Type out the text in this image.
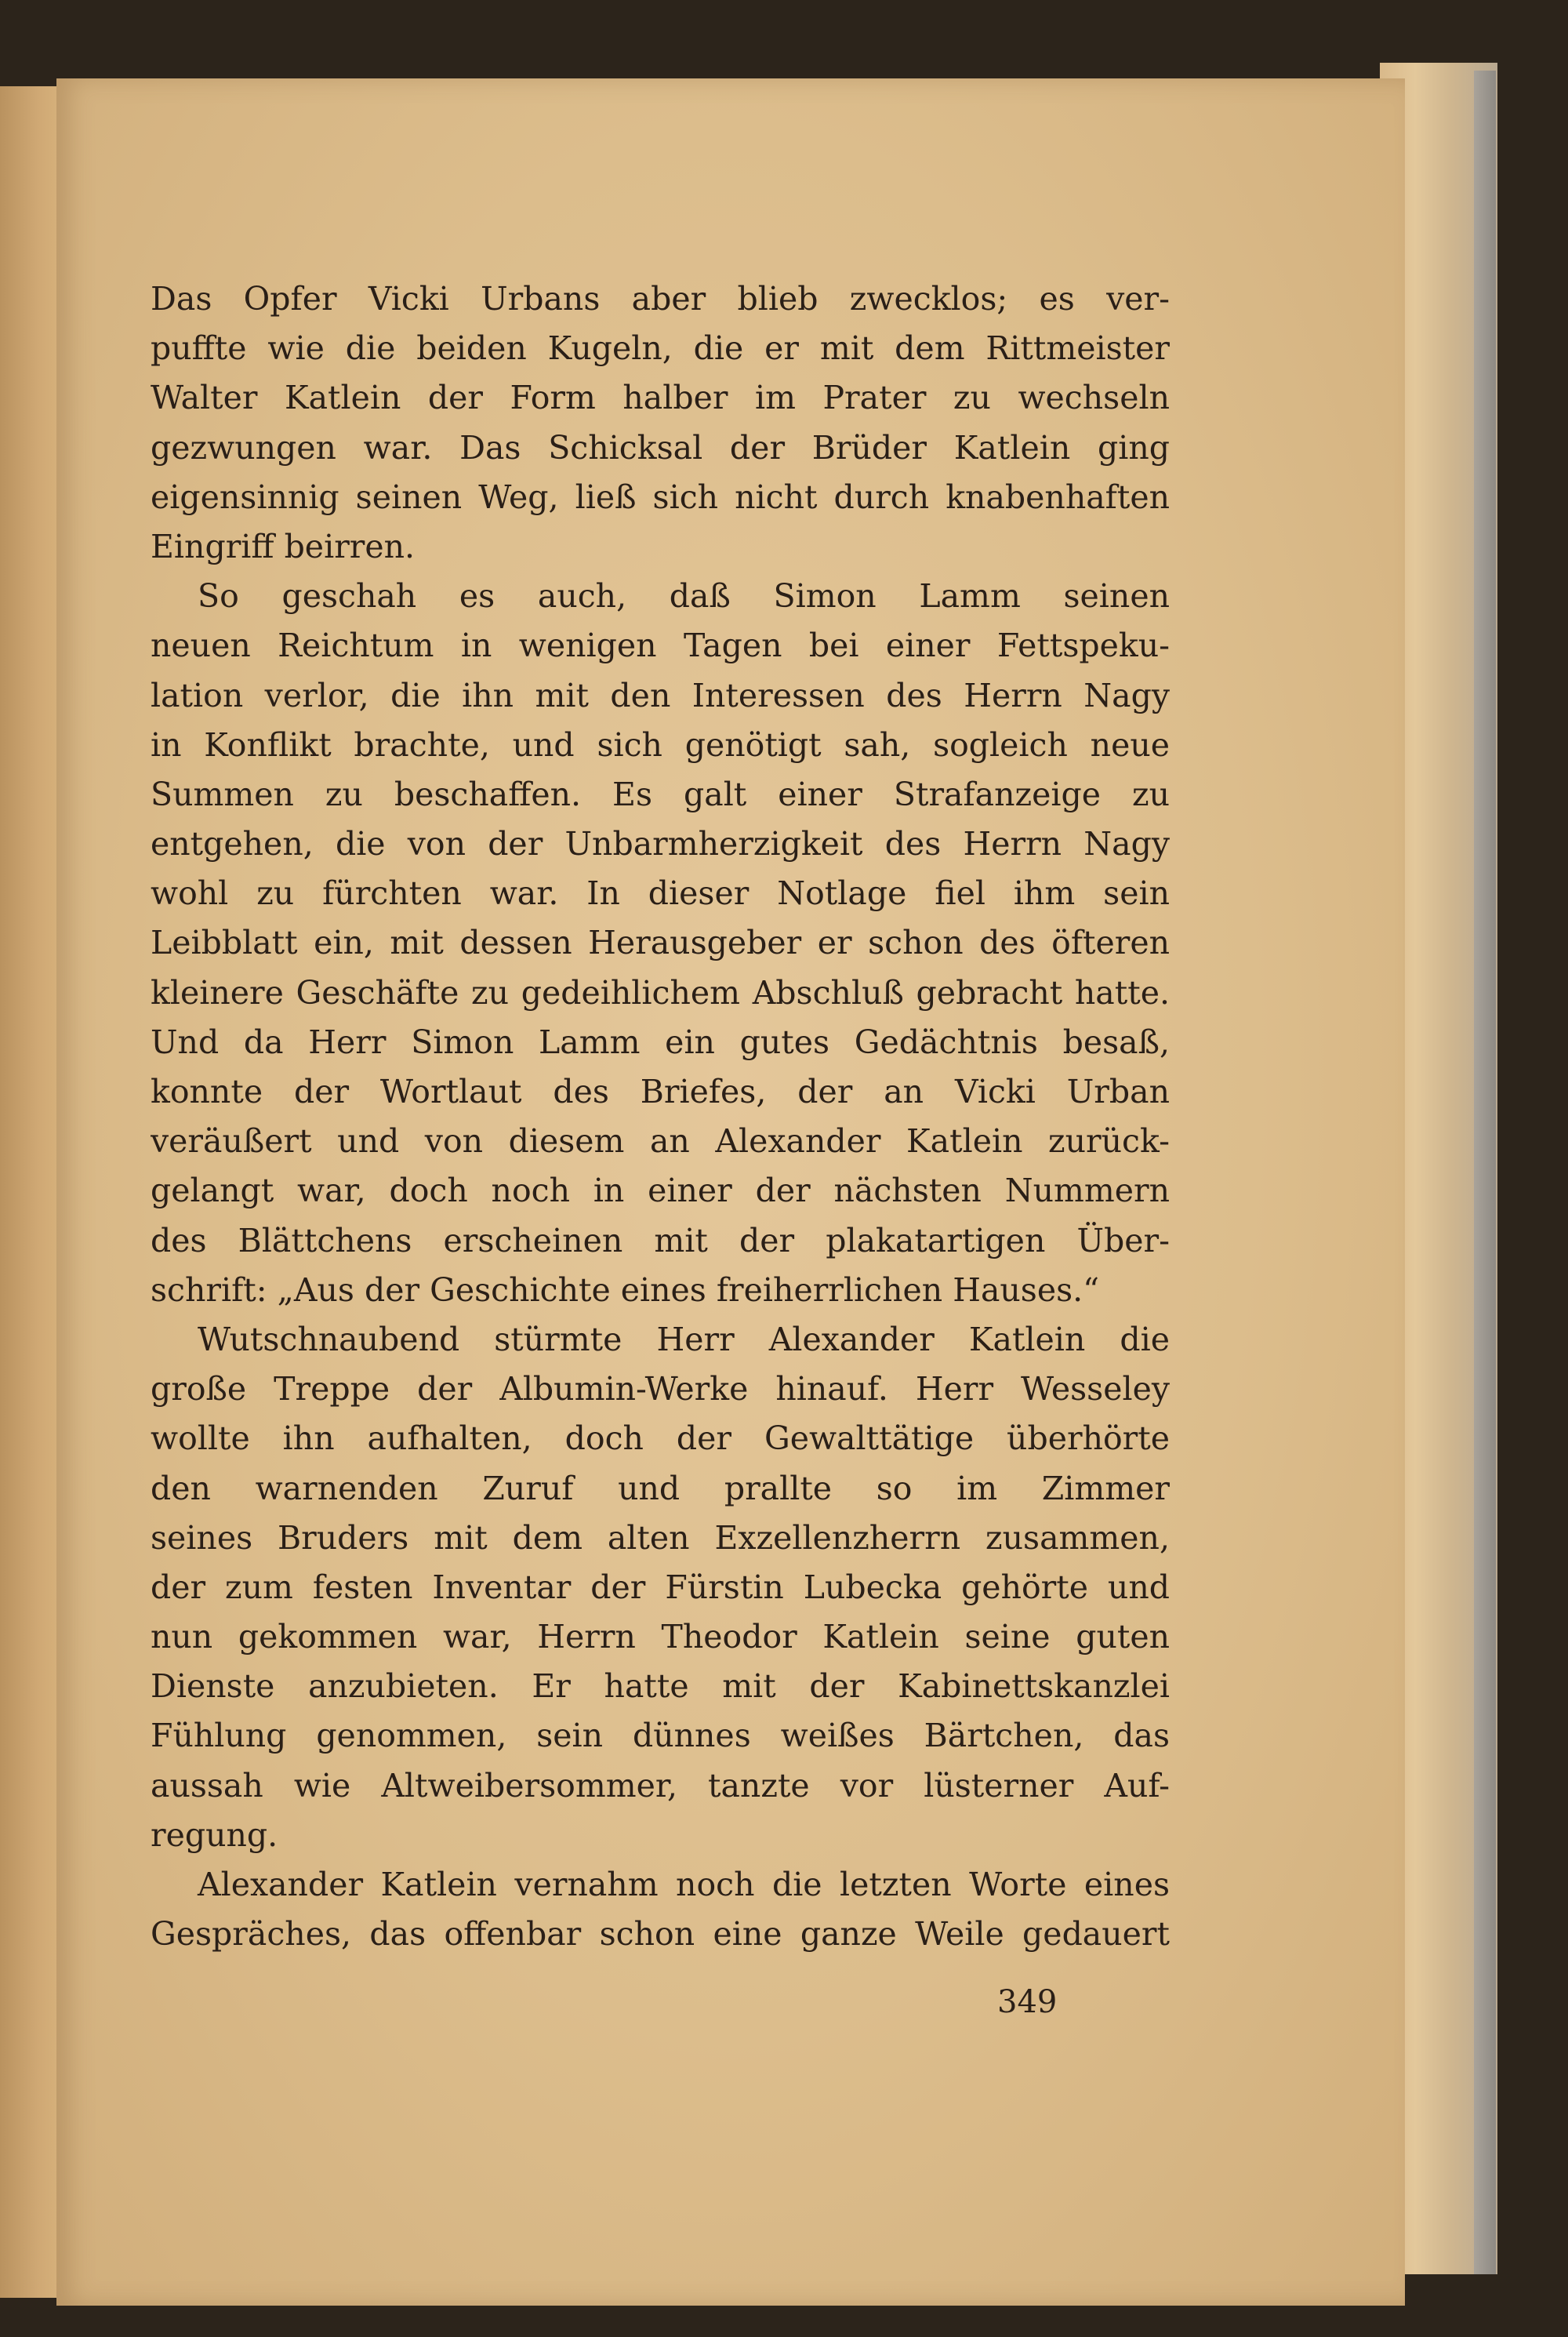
Das Opfer Vicki Urbans aber blieb zwecklos; es ver-
puffte wie die beiden Kugeln, die er mit dem Rittmeister
Walter Katlein der Form halber im Prater zu wechseln
gezwungen war. Das Schicksal der Brüder Katlein ging
eigensinnig seinen Weg, ließ sich nicht durch knabenhaften
Eingriff beirren.
So geschah es auch, daß Simon Lamm seinen
neuen Reichtum in wenigen Tagen bei einer Fettspeku-
lation verlor, die ihn mit den Interessen des Herrn Nagy
in Konflikt brachte, und sich genötigt sah, sogleich neue
Summen zu beschaffen. Es galt einer Strafanzeige zu
entgehen, die von der Unbarmherzigkeit des Herrn Nagy
wohl zu fürchten war. In dieser Notlage fiel ihm sein
Leibblatt ein, mit dessen Herausgeber er schon des öfteren
kleinere Geschäfte zu gedeihlichem Abschluß gebracht hatte.
Und da Herr Simon Lamm ein gutes Gedächtnis besaß,
konnte der Wortlaut des Briefes, der an Vicki Urban
veräußert und von diesem an Alexander Katlein zurück-
gelangt war, doch noch in einer der nächsten Nummern
des Blättchens erscheinen mit der plakatartigen Über-
schrift: „Aus der Geschichte eines freiherrlichen Hauses.“
Wutschnaubend stürmte Herr Alexander Katlein die
große Treppe der Albumin-Werke hinauf. Herr Wesseley
wollte ihn aufhalten, doch der Gewalttätige überhörte
den warnenden Zuruf und prallte so im Zimmer
seines Bruders mit dem alten Exzellenzherrn zusammen,
der zum festen Inventar der Fürstin Lubecka gehörte und
nun gekommen war, Herrn Theodor Katlein seine guten
Dienste anzubieten. Er hatte mit der Kabinettskanzlei
Fühlung genommen, sein dünnes weißes Bärtchen, das
aussah wie Altweibersommer, tanzte vor lüsterner Auf-
regung.
Alexander Katlein vernahm noch die letzten Worte eines
Gespräches, das offenbar schon eine ganze Weile gedauert
349
